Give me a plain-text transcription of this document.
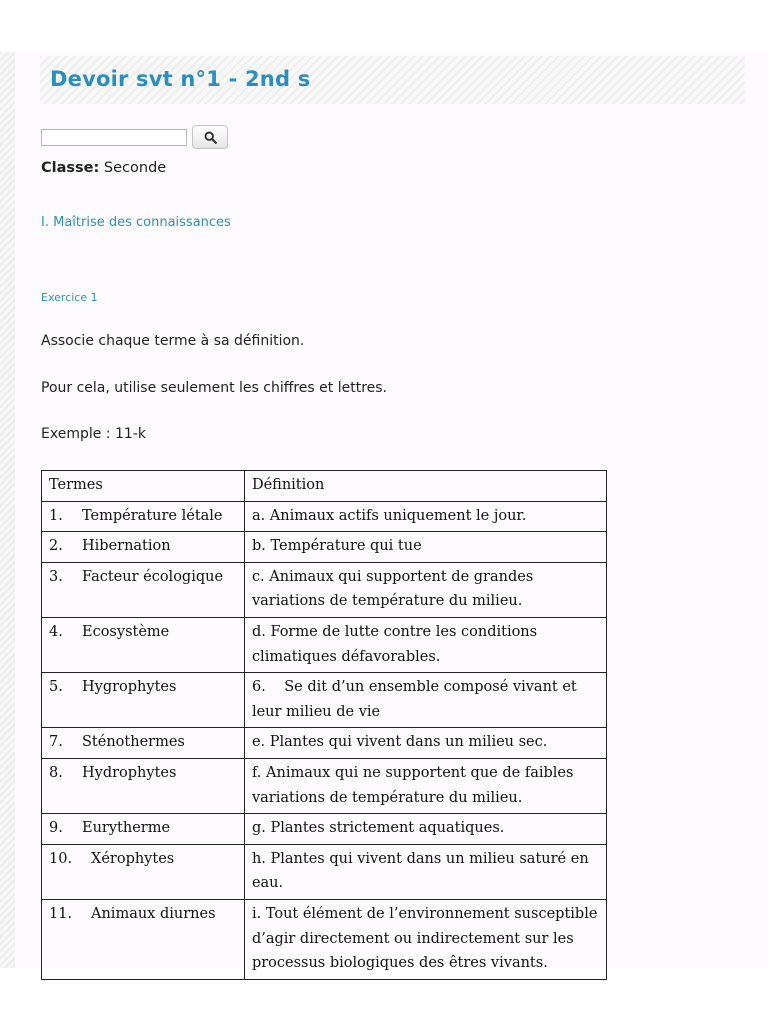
Devoir svt n°1 - 2nd s
Classe: Seconde
I. Maîtrise des connaissances
Exercice 1
Associe chaque terme à sa définition.
Pour cela, utilise seulement les chiffres et lettres.
Exemple : 11-k
Termes	Définition
1. Température létale	a. Animaux actifs uniquement le jour.
2. Hibernation	b. Température qui tue
3. Facteur écologique	c. Animaux qui supportent de grandes variations de température du milieu.
4. Ecosystème	d. Forme de lutte contre les conditions climatiques défavorables.
5. Hygrophytes	6.    Se dit d’un ensemble composé vivant et leur milieu de vie
7. Sténothermes	e. Plantes qui vivent dans un milieu sec.
8. Hydrophytes	f. Animaux qui ne supportent que de faibles variations de température du milieu.
9. Eurytherme	g. Plantes strictement aquatiques.
10. Xérophytes	h. Plantes qui vivent dans un milieu saturé en eau.
11. Animaux diurnes	i. Tout élément de l’environnement susceptible d’agir directement ou indirectement sur les processus biologiques des êtres vivants.
